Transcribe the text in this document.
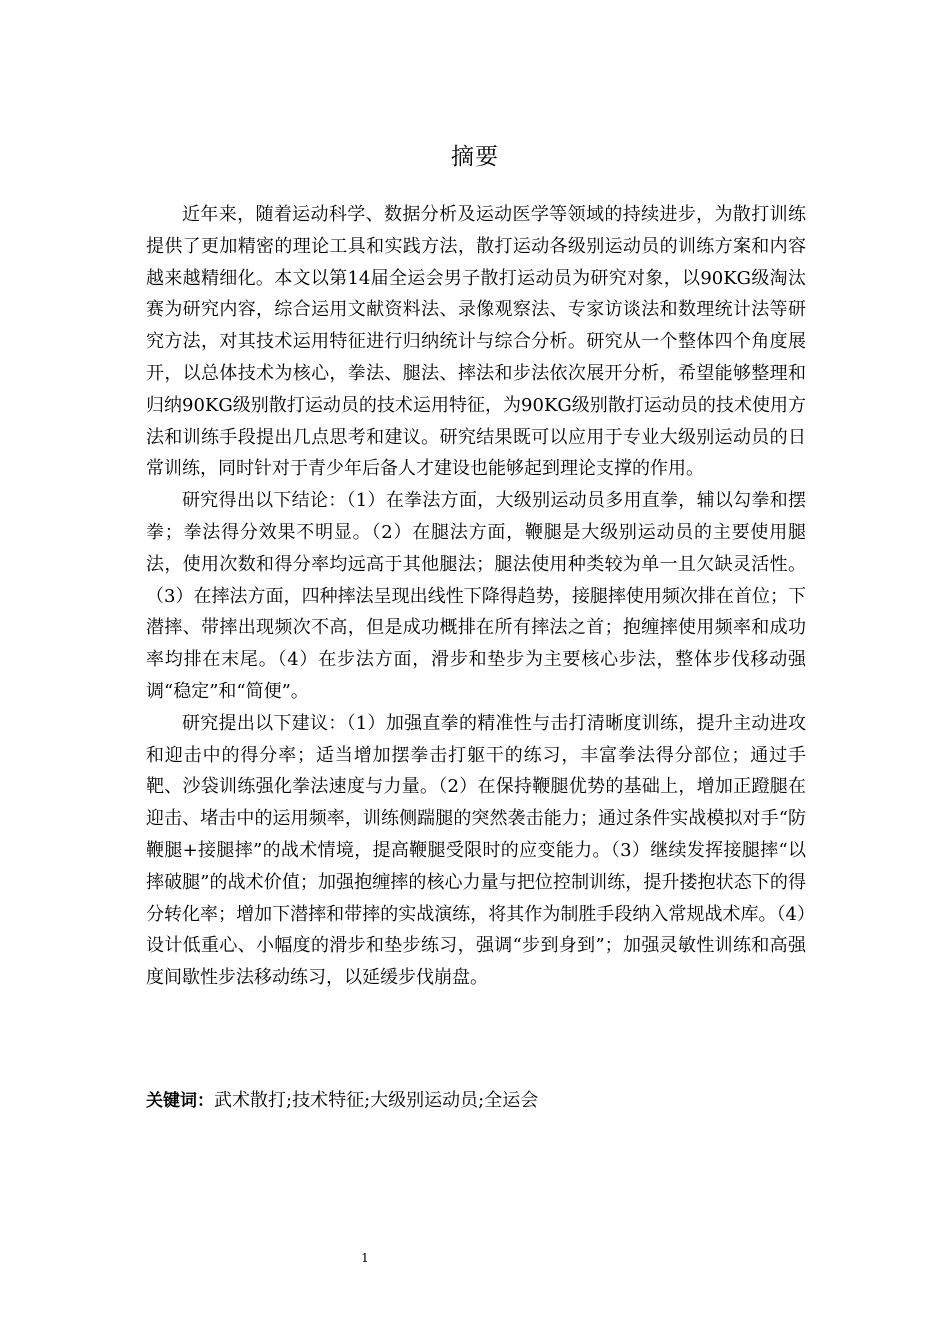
摘要

近年来，随着运动科学、数据分析及运动医学等领域的持续进步，为散打训练提供了更加精密的理论工具和实践方法，散打运动各级别运动员的训练方案和内容越来越精细化。本文以第14届全运会男子散打运动员为研究对象，以90KG级淘汰赛为研究内容，综合运用文献资料法、录像观察法、专家访谈法和数理统计法等研究方法，对其技术运用特征进行归纳统计与综合分析。研究从一个整体四个角度展开，以总体技术为核心，拳法、腿法、摔法和步法依次展开分析，希望能够整理和归纳90KG级别散打运动员的技术运用特征，为90KG级别散打运动员的技术使用方法和训练手段提出几点思考和建议。研究结果既可以应用于专业大级别运动员的日常训练，同时针对于青少年后备人才建设也能够起到理论支撑的作用。

研究得出以下结论：（1）在拳法方面，大级别运动员多用直拳，辅以勾拳和摆拳；拳法得分效果不明显。（2）在腿法方面，鞭腿是大级别运动员的主要使用腿法，使用次数和得分率均远高于其他腿法；腿法使用种类较为单一且欠缺灵活性。（3）在摔法方面，四种摔法呈现出线性下降得趋势，接腿摔使用频次排在首位；下潜摔、带摔出现频次不高，但是成功概排在所有摔法之首；抱缠摔使用频率和成功率均排在末尾。（4）在步法方面，滑步和垫步为主要核心步法，整体步伐移动强调“稳定”和“简便”。

研究提出以下建议：（1）加强直拳的精准性与击打清晰度训练，提升主动进攻和迎击中的得分率；适当增加摆拳击打躯干的练习，丰富拳法得分部位；通过手靶、沙袋训练强化拳法速度与力量。（2）在保持鞭腿优势的基础上，增加正蹬腿在迎击、堵击中的运用频率，训练侧踹腿的突然袭击能力；通过条件实战模拟对手“防鞭腿+接腿摔”的战术情境，提高鞭腿受限时的应变能力。（3）继续发挥接腿摔“以摔破腿”的战术价值；加强抱缠摔的核心力量与把位控制训练，提升搂抱状态下的得分转化率；增加下潜摔和带摔的实战演练，将其作为制胜手段纳入常规战术库。（4）设计低重心、小幅度的滑步和垫步练习，强调“步到身到”；加强灵敏性训练和高强度间歇性步法移动练习，以延缓步伐崩盘。

关键词：武术散打;技术特征;大级别运动员;全运会
1
